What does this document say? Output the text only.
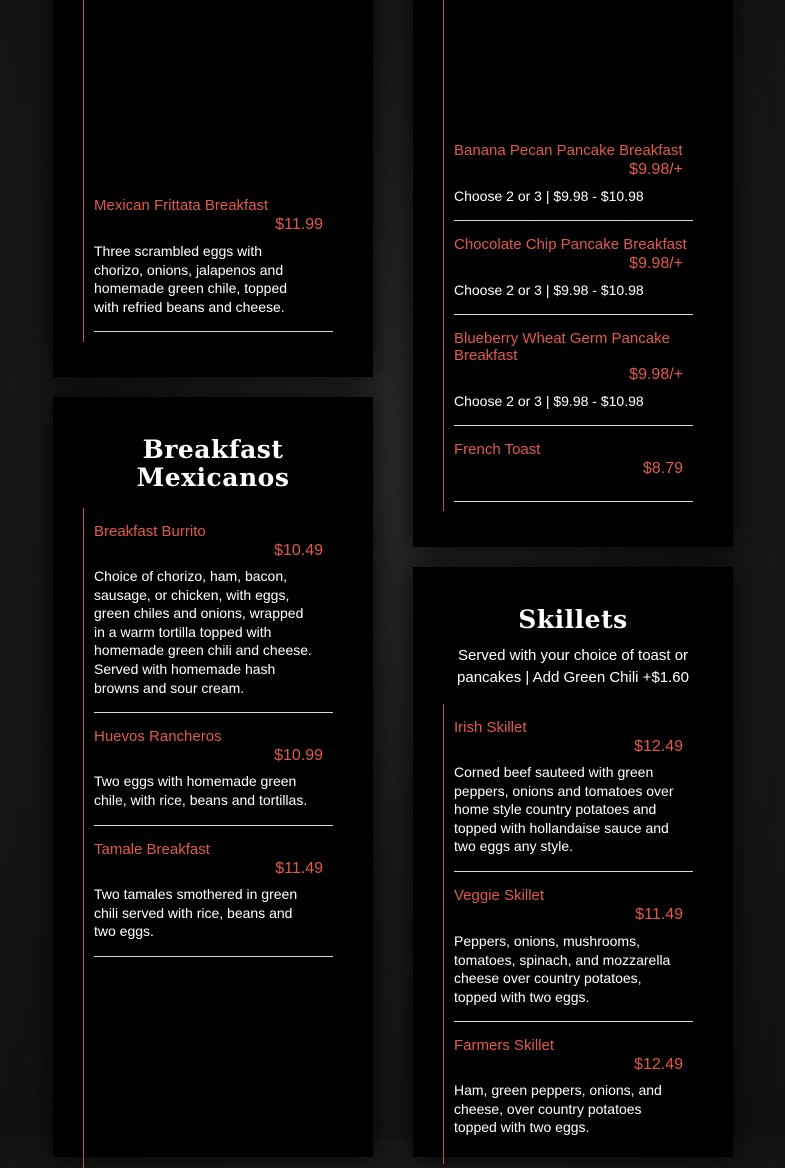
Mexican Frittata Breakfast
$11.99
Three scrambled eggs with chorizo, onions, jalapenos and homemade green chile, topped with refried beans and cheese.
Banana Pecan Pancake Breakfast
$9.98/+
Choose 2 or 3 | $9.98 - $10.98
Chocolate Chip Pancake Breakfast
$9.98/+
Choose 2 or 3 | $9.98 - $10.98
Blueberry Wheat Germ Pancake Breakfast
$9.98/+
Choose 2 or 3 | $9.98 - $10.98
French Toast
$8.79
Breakfast
Mexicanos
Breakfast Burrito
$10.49
Choice of chorizo, ham, bacon, sausage, or chicken, with eggs, green chiles and onions, wrapped in a warm tortilla topped with homemade green chili and cheese. Served with homemade hash browns and sour cream.
Huevos Rancheros
$10.99
Two eggs with homemade green chile, with rice, beans and tortillas.
Tamale Breakfast
$11.49
Two tamales smothered in green chili served with rice, beans and two eggs.
Skillets
Served with your choice of toast or pancakes | Add Green Chili +$1.60
Irish Skillet
$12.49
Corned beef sauteed with green peppers, onions and tomatoes over home style country potatoes and topped with hollandaise sauce and two eggs any style.
Veggie Skillet
$11.49
Peppers, onions, mushrooms, tomatoes, spinach, and mozzarella cheese over country potatoes, topped with two eggs.
Farmers Skillet
$12.49
Ham, green peppers, onions, and cheese, over country potatoes topped with two eggs.
